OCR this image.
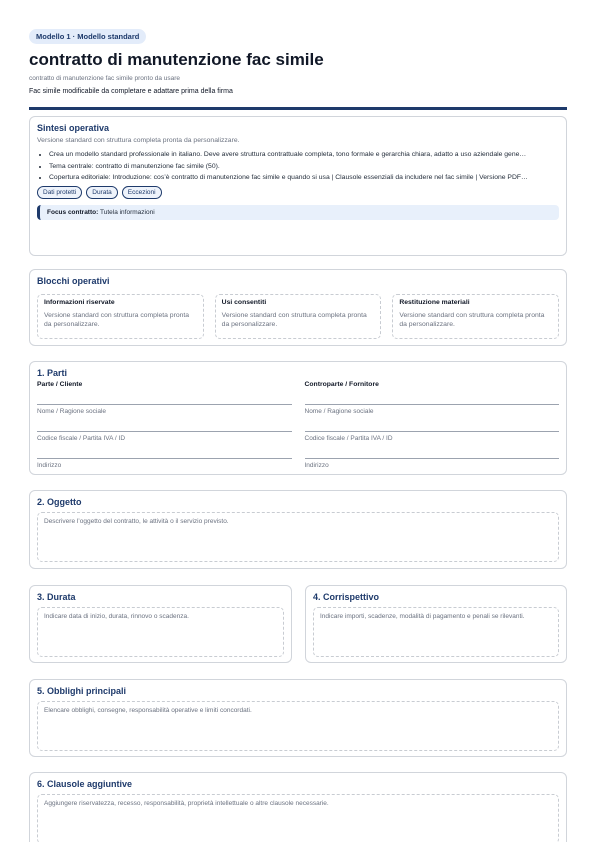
Modello 1 · Modello standard
contratto di manutenzione fac simile
contratto di manutenzione fac simile pronto da usare
Fac simile modificabile da completare e adattare prima della firma
Sintesi operativa
Versione standard con struttura completa pronta da personalizzare.
• Crea un modello standard professionale in italiano. Deve avere struttura contrattuale completa, tono formale e gerarchia chiara, adatto a uso aziendale gene…
• Tema centrale: contratto di manutenzione fac simile (50).
• Copertura editoriale: Introduzione: cos’è contratto di manutenzione fac simile e quando si usa | Clausole essenziali da includere nel fac simile | Versione PDF…
Dati protetti	Durata	Eccezioni
Focus contratto: Tutela informazioni
Blocchi operativi
Informazioni riservate
Versione standard con struttura completa pronta da personalizzare.
Usi consentiti
Versione standard con struttura completa pronta da personalizzare.
Restituzione materiali
Versione standard con struttura completa pronta da personalizzare.
1. Parti
Parte / Cliente
Nome / Ragione sociale
Codice fiscale / Partita IVA / ID
Indirizzo
Controparte / Fornitore
Nome / Ragione sociale
Codice fiscale / Partita IVA / ID
Indirizzo
2. Oggetto
Descrivere l’oggetto del contratto, le attività o il servizio previsto.
3. Durata
Indicare data di inizio, durata, rinnovo o scadenza.
4. Corrispettivo
Indicare importi, scadenze, modalità di pagamento e penali se rilevanti.
5. Obblighi principali
Elencare obblighi, consegne, responsabilità operative e limiti concordati.
6. Clausole aggiuntive
Aggiungere riservatezza, recesso, responsabilità, proprietà intellettuale o altre clausole necessarie.
